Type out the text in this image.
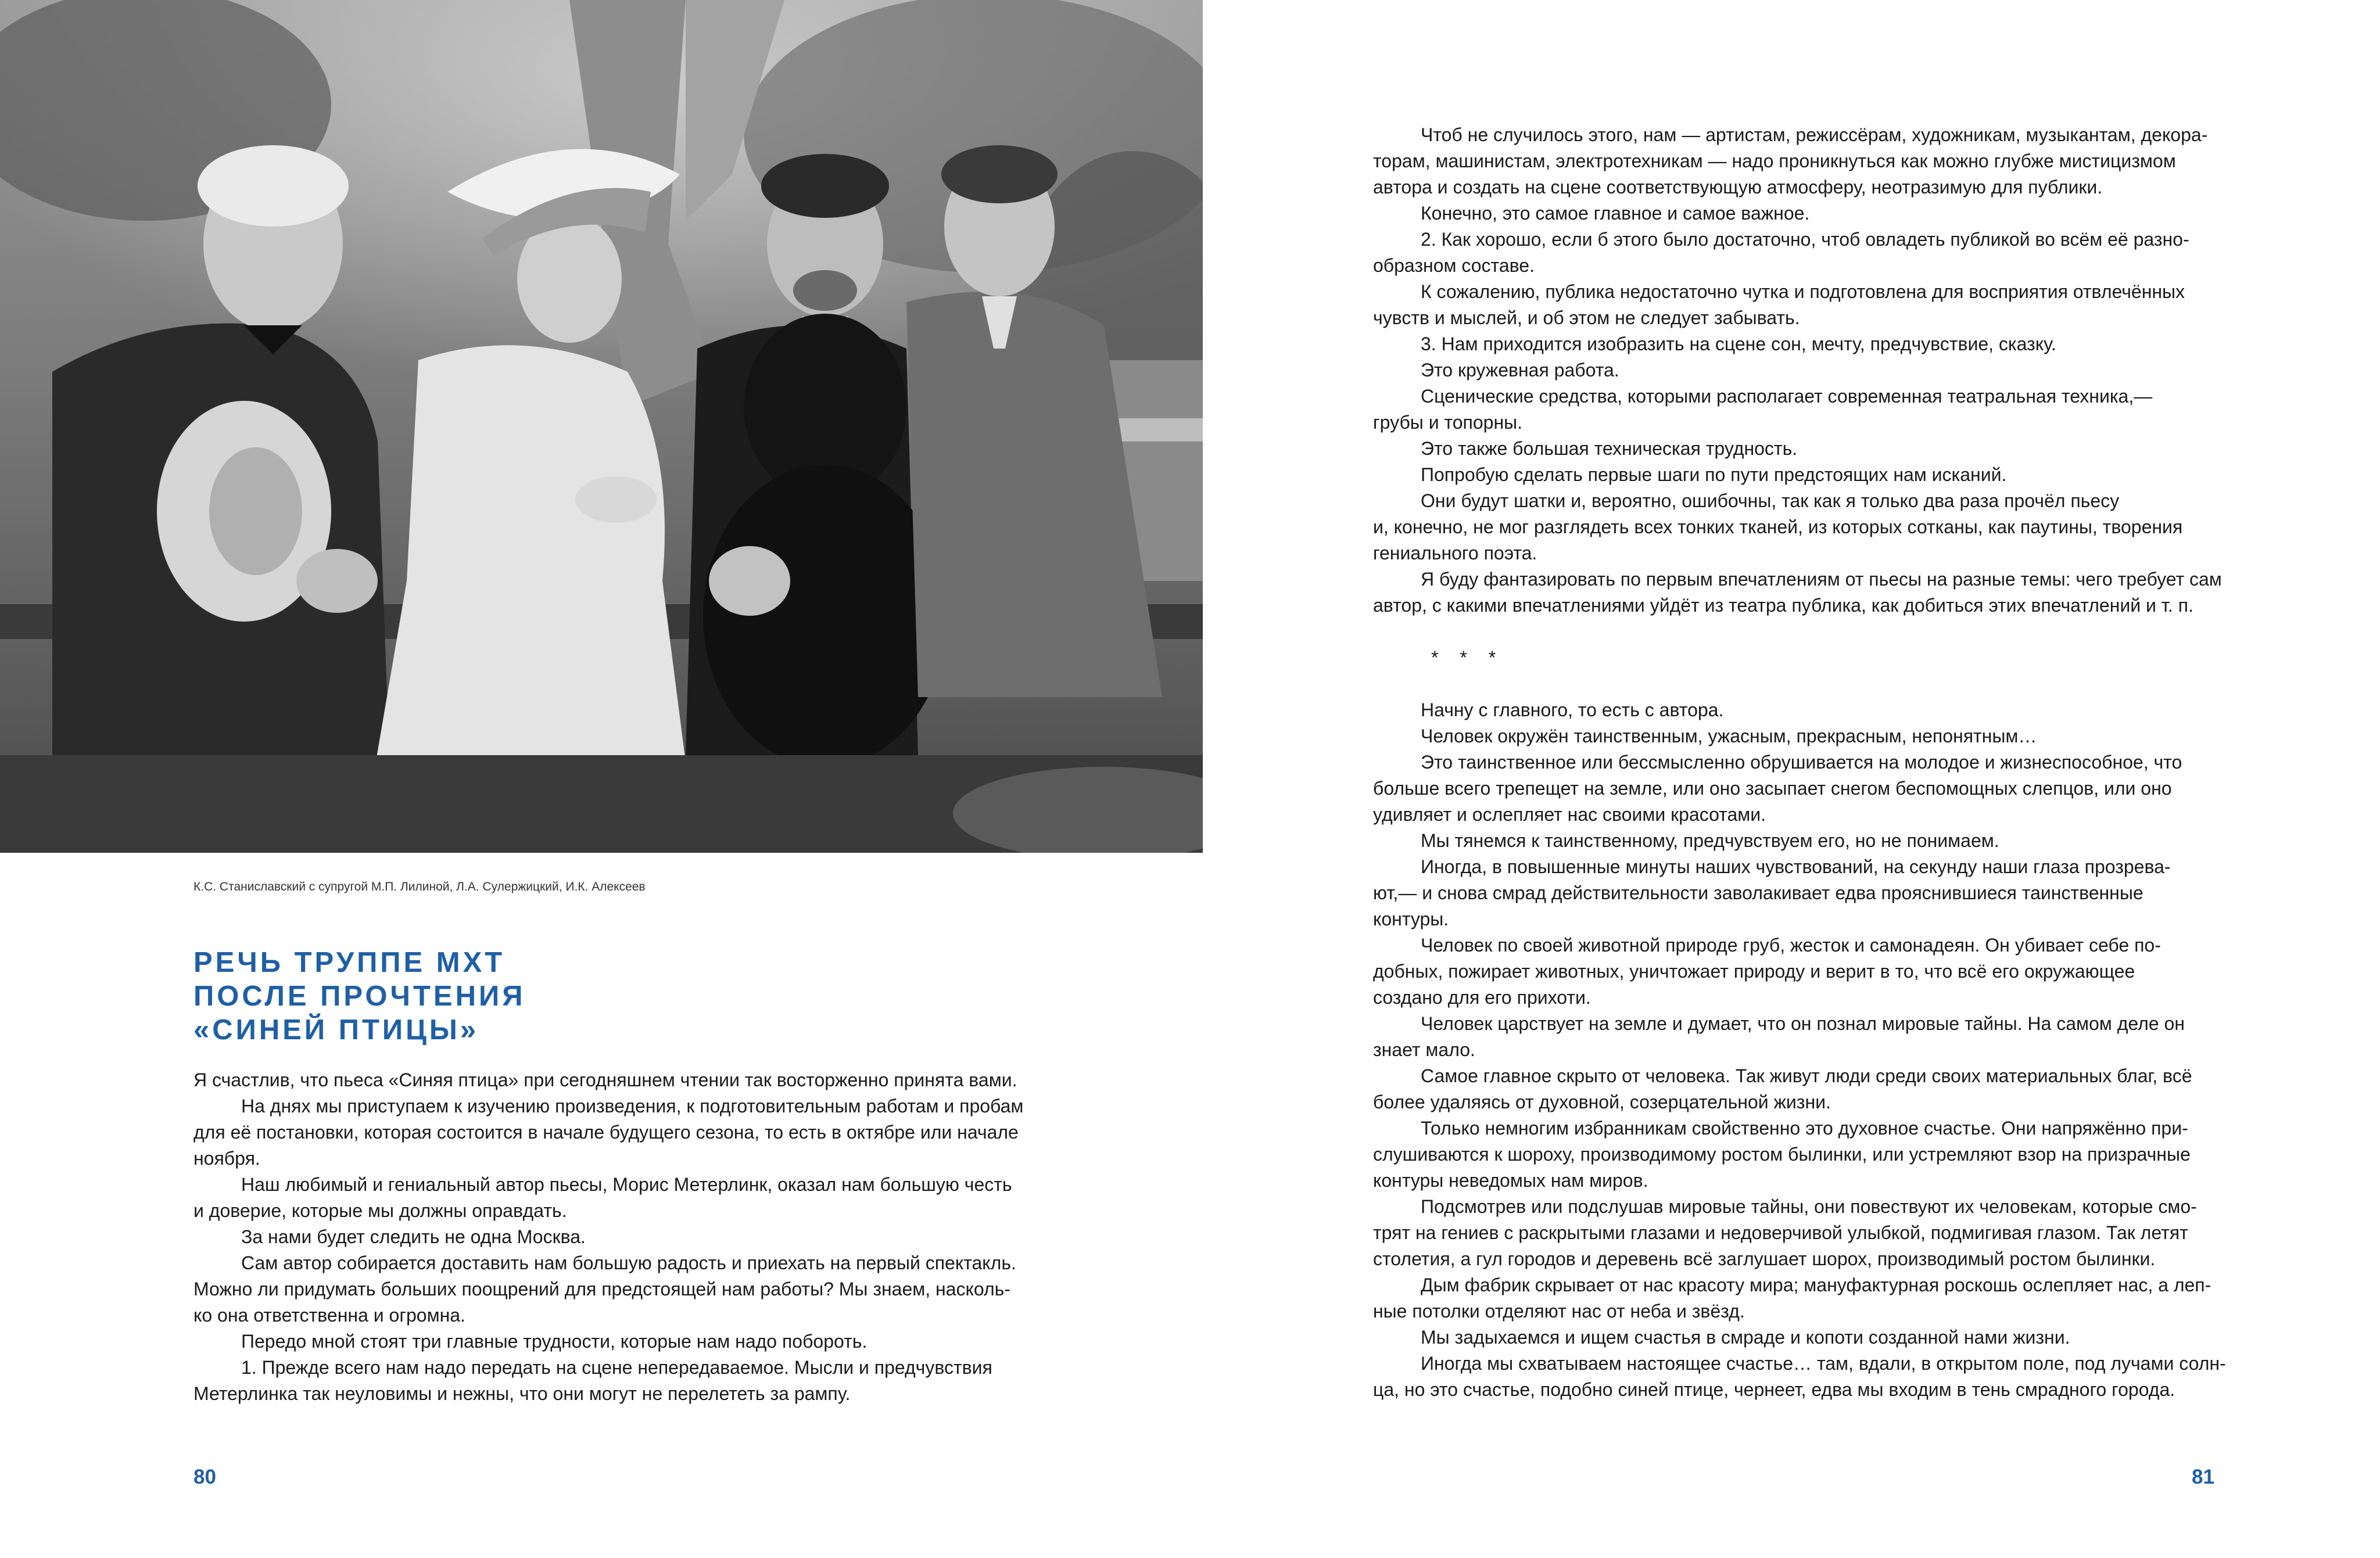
К.С. Станиславский с супругой М.П. Лилиной, Л.А. Сулержицкий, И.К. Алексеев
РЕЧЬ ТРУППЕ МХТ
ПОСЛЕ ПРОЧТЕНИЯ
«СИНЕЙ ПТИЦЫ»

Я счастлив, что пьеса «Синяя птица» при сегодняшнем чтении так восторженно принята вами.

На днях мы приступаем к изучению произведения, к подготовительным работам и пробам

для её постановки, которая состоится в начале будущего сезона, то есть в октябре или начале

ноября.

Наш любимый и гениальный автор пьесы, Морис Метерлинк, оказал нам большую честь

и доверие, которые мы должны оправдать.

За нами будет следить не одна Москва.

Сам автор собирается доставить нам большую радость и приехать на первый спектакль.

Можно ли придумать больших поощрений для предстоящей нам работы? Мы знаем, насколь-

ко она ответственна и огромна.

Передо мной стоят три главные трудности, которые нам надо побороть.

1. Прежде всего нам надо передать на сцене непередаваемое. Мысли и предчувствия

Метерлинка так неуловимы и нежны, что они могут не перелететь за рампу.

80

Чтоб не случилось этого, нам — артистам, режиссёрам, художникам, музыкантам, декора-

торам, машинистам, электротехникам — надо проникнуться как можно глубже мистицизмом

автора и создать на сцене соответствующую атмосферу, неотразимую для публики.

Конечно, это самое главное и самое важное.

2. Как хорошо, если б этого было достаточно, чтоб овладеть публикой во всём её разно-

образном составе.

К сожалению, публика недостаточно чутка и подготовлена для восприятия отвлечённых

чувств и мыслей, и об этом не следует забывать.

3. Нам приходится изобразить на сцене сон, мечту, предчувствие, сказку.

Это кружевная работа.

Сценические средства, которыми располагает современная театральная техника,—

грубы и топорны.

Это также большая техническая трудность.

Попробую сделать первые шаги по пути предстоящих нам исканий.

Они будут шатки и, вероятно, ошибочны, так как я только два раза прочёл пьесу

и, конечно, не мог разглядеть всех тонких тканей, из которых сотканы, как паутины, творения

гениального поэта.

Я буду фантазировать по первым впечатлениям от пьесы на разные темы: чего требует сам

автор, с какими впечатлениями уйдёт из театра публика, как добиться этих впечатлений и т. п.

* * *

Начну с главного, то есть с автора.

Человек окружён таинственным, ужасным, прекрасным, непонятным…

Это таинственное или бессмысленно обрушивается на молодое и жизнеспособное, что

больше всего трепещет на земле, или оно засыпает снегом беспомощных слепцов, или оно

удивляет и ослепляет нас своими красотами.

Мы тянемся к таинственному, предчувствуем его, но не понимаем.

Иногда, в повышенные минуты наших чувствований, на секунду наши глаза прозрева-

ют,— и снова смрад действительности заволакивает едва прояснившиеся таинственные

контуры.

Человек по своей животной природе груб, жесток и самонадеян. Он убивает себе по-

добных, пожирает животных, уничтожает природу и верит в то, что всё его окружающее

создано для его прихоти.

Человек царствует на земле и думает, что он познал мировые тайны. На самом деле он

знает мало.

Самое главное скрыто от человека. Так живут люди среди своих материальных благ, всё

более удаляясь от духовной, созерцательной жизни.

Только немногим избранникам свойственно это духовное счастье. Они напряжённо при-

слушиваются к шороху, производимому ростом былинки, или устремляют взор на призрачные

контуры неведомых нам миров.

Подсмотрев или подслушав мировые тайны, они повествуют их человекам, которые смо-

трят на гениев с раскрытыми глазами и недоверчивой улыбкой, подмигивая глазом. Так летят

столетия, а гул городов и деревень всё заглушает шорох, производимый ростом былинки.

Дым фабрик скрывает от нас красоту мира; мануфактурная роскошь ослепляет нас, а леп-

ные потолки отделяют нас от неба и звёзд.

Мы задыхаемся и ищем счастья в смраде и копоти созданной нами жизни.

Иногда мы схватываем настоящее счастье… там, вдали, в открытом поле, под лучами солн-

ца, но это счастье, подобно синей птице, чернеет, едва мы входим в тень смрадного города.

81
